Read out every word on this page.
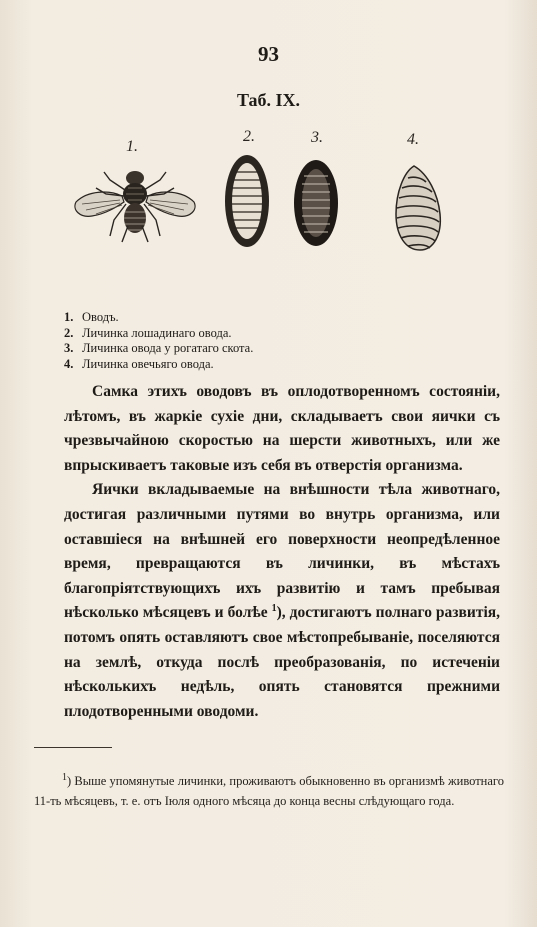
93
Таб. IX.
1.
2.	3.	4.
1. Оводъ.
2. Личинка лошадинаго овода.
3. Личинка овода у рогатаго скота.
4. Личинка овечьяго овода.

Самка этихъ оводовъ въ оплодотворенномъ состояніи, лѣтомъ, въ жаркіе сухіе дни, складываетъ свои яички съ чрезвычайною скоростью на шерсти животныхъ, или же впрыскиваетъ таковые изъ себя въ отверстія организма.

Яички вкладываемые на внѣшности тѣла животнаго, достигая различными путями во внутрь организма, или оставшіеся на внѣшней его поверхности неопредѣленное время, превращаются въ личинки, въ мѣстахъ благопріятствующихъ ихъ развитію и тамъ пребывая нѣсколько мѣсяцевъ и болѣе $^1$), достигаютъ полнаго развитія, потомъ опять оставляютъ свое мѣстопребываніе, поселяются на землѣ, откуда послѣ преобразованія, по истеченіи нѣсколькихъ недѣль, опять становятся прежними плодотворенными оводоми.

$^1$) Выше упомянутые личинки, проживаютъ обыкновенно въ организмѣ животнаго 11-ть мѣсяцевъ, т. е. отъ Іюля одного мѣсяца до конца весны слѣдующаго года.
